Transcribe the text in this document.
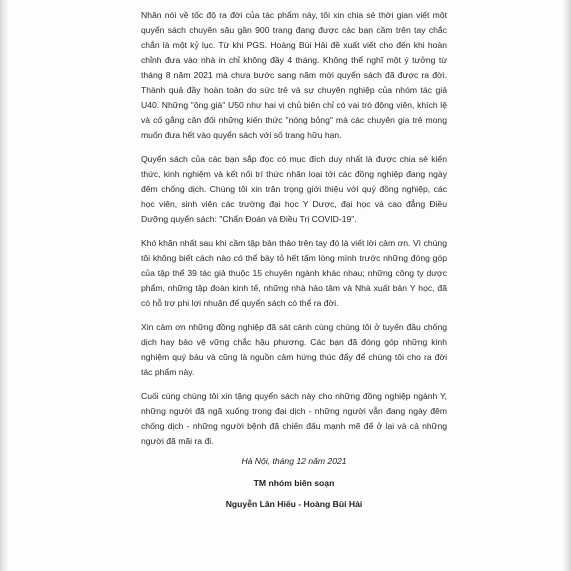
Nhân nói về tốc độ ra đời của tác phẩm này, tôi xin chia sẻ thời gian viết một quyển sách chuyên sâu gần 900 trang đang được các bạn cầm trên tay chắc chắn là một kỷ lục. Từ khi PGS. Hoàng Bùi Hải đề xuất viết cho đến khi hoàn chỉnh đưa vào nhà in chỉ không đầy 4 tháng. Không thể nghĩ một ý tưởng từ tháng 8 năm 2021 mà chưa bước sang năm mới quyển sách đã được ra đời. Thành quả đầy hoàn toàn do sức trẻ và sự chuyên nghiệp của nhóm tác giả U40. Những "ông già" U50 như hai vị chủ biên chỉ có vai trò động viên, khích lệ và cố gắng cân đối những kiến thức "nóng bỏng" mà các chuyên gia trẻ mong muốn đưa hết vào quyển sách với số trang hữu hạn.

Quyển sách của các bạn sắp đọc có mục đích duy nhất là được chia sẻ kiến thức, kinh nghiệm và kết nối trí thức nhân loại tới các đồng nghiệp đang ngày đêm chống dịch. Chúng tôi xin trân trọng giới thiệu với quý đồng nghiệp, các học viên, sinh viên các trường đại học Y Dược, đại học và cao đẳng Điều Dưỡng quyển sách: "Chẩn Đoán và Điều Trị COVID-19".

Khó khăn nhất sau khi cầm tập bản thảo trên tay đó là viết lời cảm ơn. Vì chúng tôi không biết cách nào có thể bày tỏ hết tấm lòng mình trước những đóng góp của tập thể 39 tác giả thuộc 15 chuyên ngành khác nhau; những công ty dược phẩm, những tập đoàn kinh tế, những nhà hảo tâm và Nhà xuất bản Y học, đã có hỗ trợ phi lợi nhuận để quyển sách có thể ra đời.

Xin cảm ơn những đồng nghiệp đã sát cánh cùng chúng tôi ở tuyến đầu chống dịch hay bảo vệ vững chắc hậu phương. Các bạn đã đóng góp những kinh nghiệm quý báu và cũng là nguồn cảm hứng thúc đẩy để chúng tôi cho ra đời tác phẩm này.

Cuối cùng chúng tôi xin tặng quyển sách này cho những đồng nghiệp ngành Y, những người đã ngã xuống trong đại dịch - những người vẫn đang ngày đêm chống dịch - những người bệnh đã chiến đấu mạnh mẽ để ở lại và cả những người đã mãi ra đi.

Hà Nội, tháng 12 năm 2021
TM nhóm biên soạn
Nguyễn Lân Hiếu - Hoàng Bùi Hải
